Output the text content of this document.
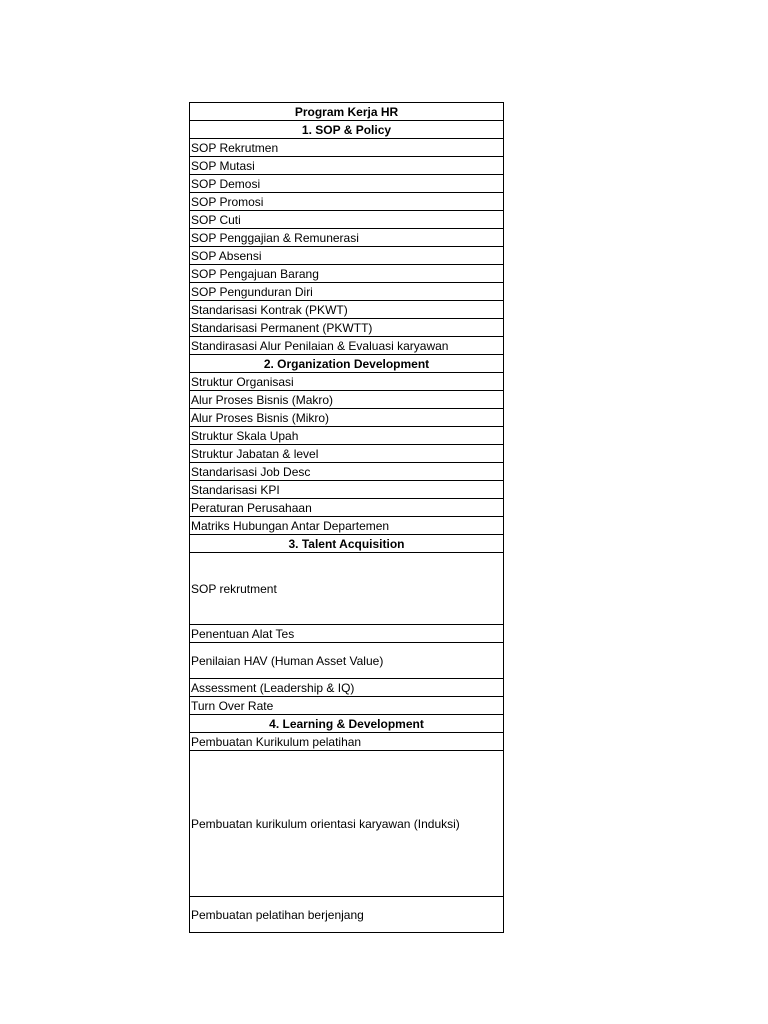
Program Kerja HR
1. SOP & Policy
SOP Rekrutmen
SOP Mutasi
SOP Demosi
SOP Promosi
SOP Cuti
SOP Penggajian & Remunerasi
SOP Absensi
SOP Pengajuan Barang
SOP Pengunduran Diri
Standarisasi Kontrak (PKWT)
Standarisasi Permanent (PKWTT)
Standirasasi Alur Penilaian & Evaluasi karyawan
2. Organization Development
Struktur Organisasi
Alur Proses Bisnis (Makro)
Alur Proses Bisnis (Mikro)
Struktur Skala Upah
Struktur Jabatan & level
Standarisasi Job Desc
Standarisasi KPI
Peraturan Perusahaan
Matriks Hubungan Antar Departemen
3. Talent Acquisition
SOP rekrutment
Penentuan Alat Tes
Penilaian HAV (Human Asset Value)
Assessment (Leadership & IQ)
Turn Over Rate
4. Learning & Development
Pembuatan Kurikulum pelatihan
Pembuatan kurikulum orientasi karyawan (Induksi)
Pembuatan pelatihan berjenjang
